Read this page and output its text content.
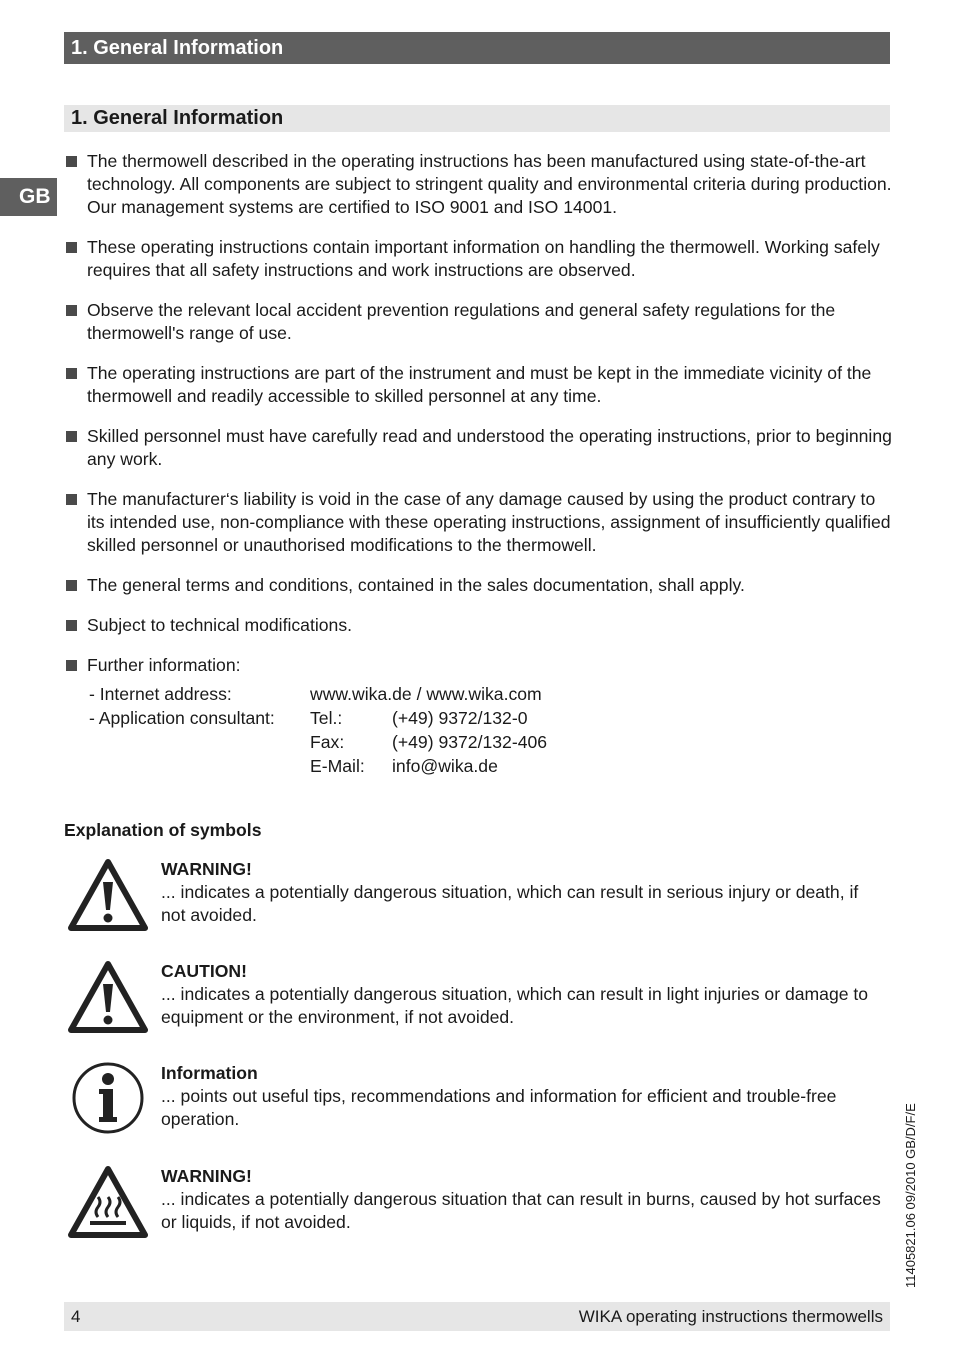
1. General Information
GB
1. General Information
The thermowell described in the operating instructions has been manufactured using state-of-the-art technology. All components are subject to stringent quality and environmental criteria during production. Our management systems are certified to ISO 9001 and ISO 14001.
These operating instructions contain important information on handling the thermowell. Working safely requires that all safety instructions and work instructions are observed.
Observe the relevant local accident prevention regulations and general safety regulations for the thermowell's range of use.
The operating instructions are part of the instrument and must be kept in the immediate vicinity of the thermowell and readily accessible to skilled personnel at any time.
Skilled personnel must have carefully read and understood the operating instructions, prior to beginning any work.
The manufacturer‘s liability is void in the case of any damage caused by using the product contrary to its intended use, non-compliance with these operating instructions, assignment of insufficiently qualified skilled personnel or unauthorised modifications to the thermowell.
The general terms and conditions, contained in the sales documentation, shall apply.
Subject to technical modifications.
Further information:
- Internet address:	www.wika.de / www.wika.com	
- Application consultant:	Tel.:	(+49) 9372/132-0
	Fax:	(+49) 9372/132-406
	E-Mail:	info@wika.de
Explanation of symbols
WARNING!
... indicates a potentially dangerous situation, which can result in serious injury or death, if not avoided.
CAUTION!
... indicates a potentially dangerous situation, which can result in light injuries or damage to equipment or the environment, if not avoided.
Information
... points out useful tips, recommendations and information for efficient and trouble-free operation.
WARNING!
... indicates a potentially dangerous situation that can result in burns, caused by hot surfaces or liquids, if not avoided.	11405821.06 09/2010 GB/D/F/E
4	WIKA operating instructions thermowells
